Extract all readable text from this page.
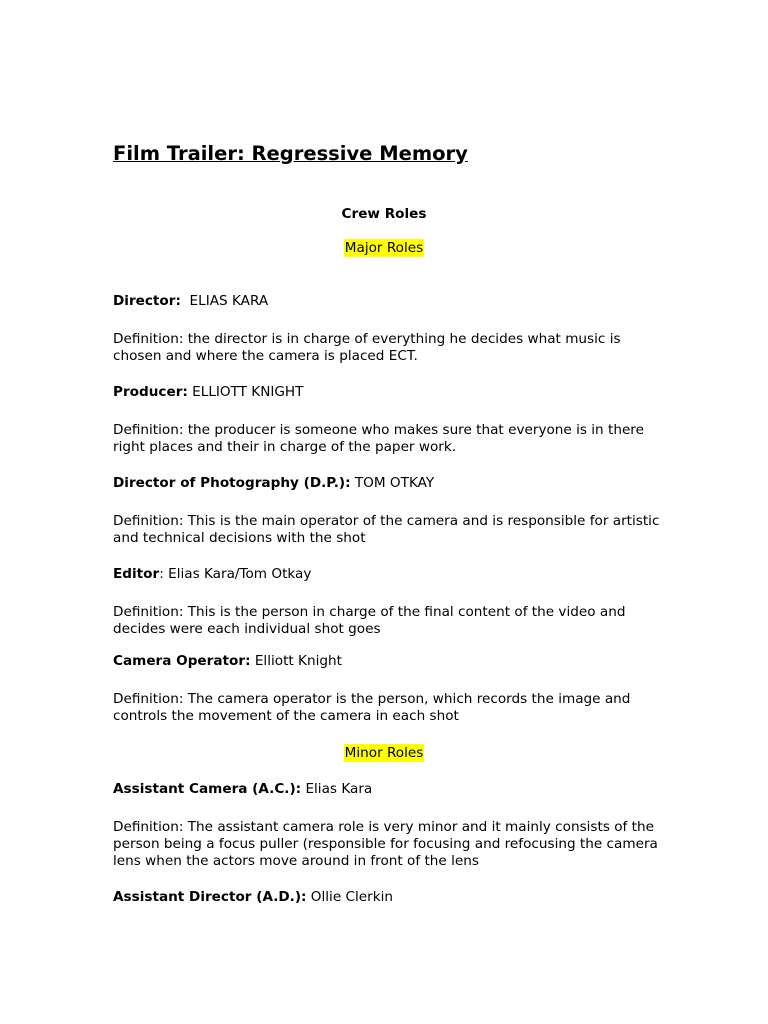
Film Trailer: Regressive Memory
Crew Roles
Major Roles

Director:  ELIAS KARA

Definition: the director is in charge of everything he decides what music is chosen and where the camera is placed ECT.

Producer: ELLIOTT KNIGHT

Definition: the producer is someone who makes sure that everyone is in there right places and their in charge of the paper work.

Director of Photography (D.P.): TOM OTKAY

Definition: This is the main operator of the camera and is responsible for artistic and technical decisions with the shot

Editor: Elias Kara/Tom Otkay

Definition: This is the person in charge of the final content of the video and decides were each individual shot goes

Camera Operator: Elliott Knight

Definition: The camera operator is the person, which records the image and controls the movement of the camera in each shot

Minor Roles

Assistant Camera (A.C.): Elias Kara

Definition: The assistant camera role is very minor and it mainly consists of the person being a focus puller (responsible for focusing and refocusing the camera lens when the actors move around in front of the lens

Assistant Director (A.D.): Ollie Clerkin
